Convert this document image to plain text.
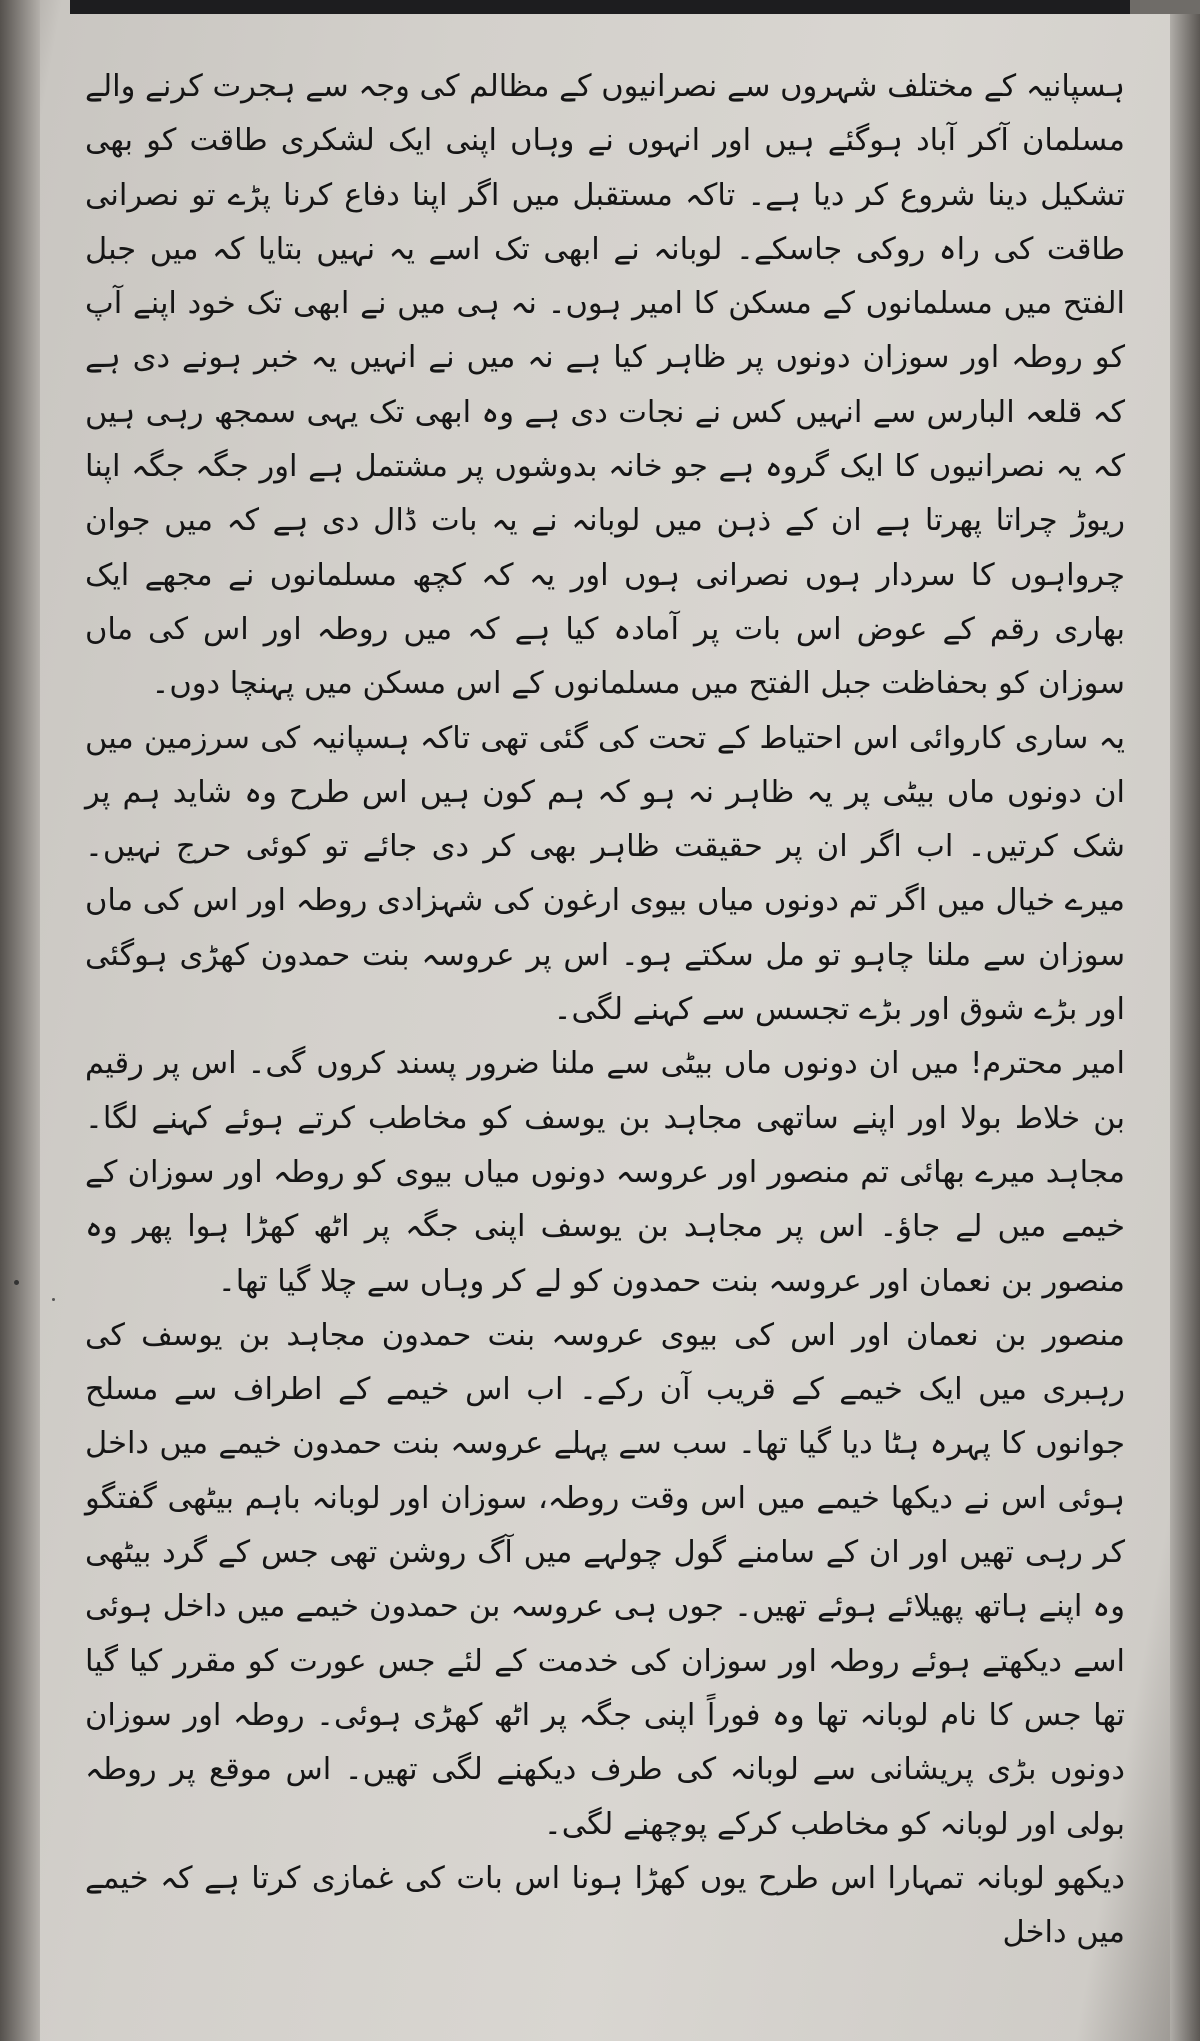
ہسپانیہ کے مختلف شہروں سے نصرانیوں کے مظالم کی وجہ سے ہجرت کرنے والے مسلمان آکر آباد ہوگئے ہیں اور انہوں نے وہاں اپنی ایک لشکری طاقت کو بھی تشکیل دینا شروع کر دیا ہے۔ تاکہ مستقبل میں اگر اپنا دفاع کرنا پڑے تو نصرانی طاقت کی راہ روکی جاسکے۔ لوبانہ نے ابھی تک اسے یہ نہیں بتایا کہ میں جبل الفتح میں مسلمانوں کے مسکن کا امیر ہوں۔ نہ ہی میں نے ابھی تک خود اپنے آپ کو روطہ اور سوزان دونوں پر ظاہر کیا ہے نہ میں نے انہیں یہ خبر ہونے دی ہے کہ قلعہ البارس سے انہیں کس نے نجات دی ہے وہ ابھی تک یہی سمجھ رہی ہیں کہ یہ نصرانیوں کا ایک گروہ ہے جو خانہ بدوشوں پر مشتمل ہے اور جگہ جگہ اپنا ریوڑ چراتا پھرتا ہے ان کے ذہن میں لوبانہ نے یہ بات ڈال دی ہے کہ میں جوان چرواہوں کا سردار ہوں نصرانی ہوں اور یہ کہ کچھ مسلمانوں نے مجھے ایک بھاری رقم کے عوض اس بات پر آمادہ کیا ہے کہ میں روطہ اور اس کی ماں سوزان کو بحفاظت جبل الفتح میں مسلمانوں کے اس مسکن میں پہنچا دوں۔

یہ ساری کاروائی اس احتیاط کے تحت کی گئی تھی تاکہ ہسپانیہ کی سرزمین میں ان دونوں ماں بیٹی پر یہ ظاہر نہ ہو کہ ہم کون ہیں اس طرح وہ شاید ہم پر شک کرتیں۔ اب اگر ان پر حقیقت ظاہر بھی کر دی جائے تو کوئی حرج نہیں۔ میرے خیال میں اگر تم دونوں میاں بیوی ارغون کی شہزادی روطہ اور اس کی ماں سوزان سے ملنا چاہو تو مل سکتے ہو۔ اس پر عروسہ بنت حمدون کھڑی ہوگئی اور بڑے شوق اور بڑے تجسس سے کہنے لگی۔

امیر محترم! میں ان دونوں ماں بیٹی سے ملنا ضرور پسند کروں گی۔ اس پر رقیم بن خلاط بولا اور اپنے ساتھی مجاہد بن یوسف کو مخاطب کرتے ہوئے کہنے لگا۔ مجاہد میرے بھائی تم منصور اور عروسہ دونوں میاں بیوی کو روطہ اور سوزان کے خیمے میں لے جاؤ۔ اس پر مجاہد بن یوسف اپنی جگہ پر اٹھ کھڑا ہوا پھر وہ منصور بن نعمان اور عروسہ بنت حمدون کو لے کر وہاں سے چلا گیا تھا۔

منصور بن نعمان اور اس کی بیوی عروسہ بنت حمدون مجاہد بن یوسف کی رہبری میں ایک خیمے کے قریب آن رکے۔ اب اس خیمے کے اطراف سے مسلح جوانوں کا پہرہ ہٹا دیا گیا تھا۔ سب سے پہلے عروسہ بنت حمدون خیمے میں داخل ہوئی اس نے دیکھا خیمے میں اس وقت روطہ، سوزان اور لوبانہ باہم بیٹھی گفتگو کر رہی تھیں اور ان کے سامنے گول چولہے میں آگ روشن تھی جس کے گرد بیٹھی وہ اپنے ہاتھ پھیلائے ہوئے تھیں۔ جوں ہی عروسہ بن حمدون خیمے میں داخل ہوئی اسے دیکھتے ہوئے روطہ اور سوزان کی خدمت کے لئے جس عورت کو مقرر کیا گیا تھا جس کا نام لوبانہ تھا وہ فوراً اپنی جگہ پر اٹھ کھڑی ہوئی۔ روطہ اور سوزان دونوں بڑی پریشانی سے لوبانہ کی طرف دیکھنے لگی تھیں۔ اس موقع پر روطہ بولی اور لوبانہ کو مخاطب کرکے پوچھنے لگی۔

دیکھو لوبانہ تمہارا اس طرح یوں کھڑا ہونا اس بات کی غمازی کرتا ہے کہ خیمے میں داخل
